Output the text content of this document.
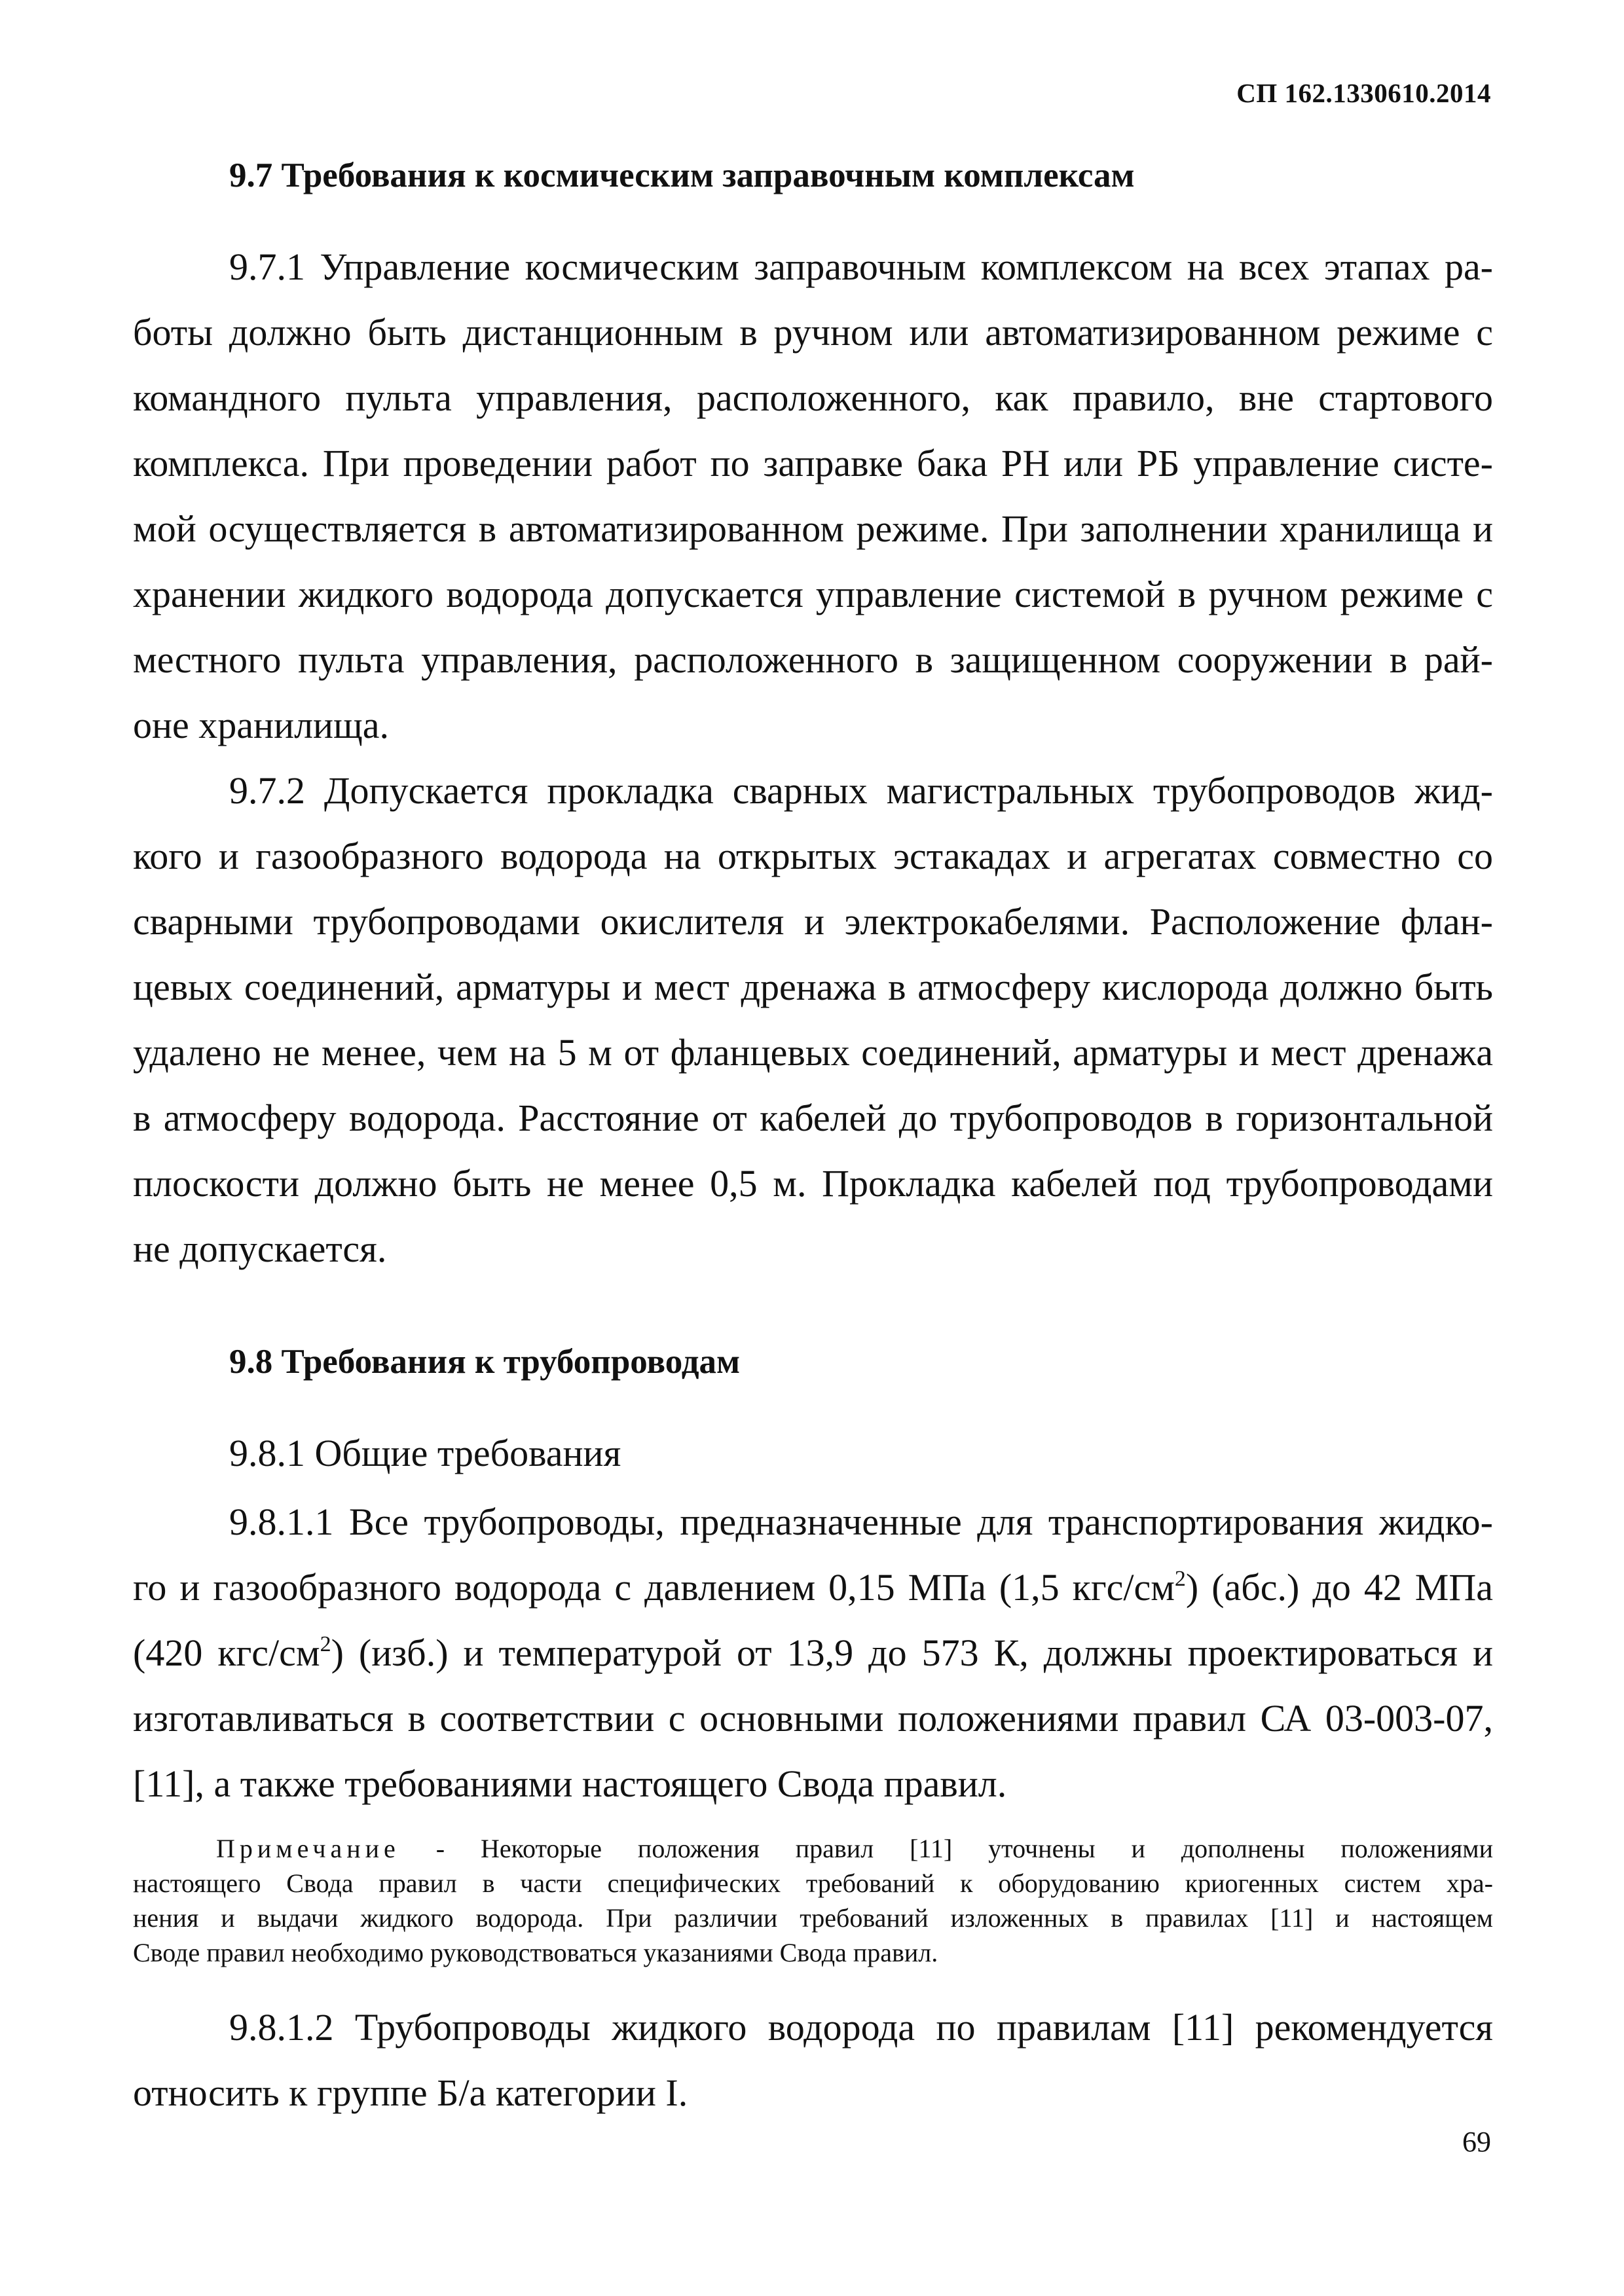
СП 162.1330610.2014
9.7 Требования к космическим заправочным комплексам
9.7.1 Управление космическим заправочным комплексом на всех этапах ра-
боты должно быть дистанционным в ручном или автоматизированном режиме с
командного пульта управления, расположенного, как правило, вне стартового
комплекса. При проведении работ по заправке бака РН или РБ управление систе-
мой осуществляется в автоматизированном режиме. При заполнении хранилища и
хранении жидкого водорода допускается управление системой в ручном режиме с
местного пульта управления, расположенного в защищенном сооружении в рай-
оне хранилища.
9.7.2 Допускается прокладка сварных магистральных трубопроводов жид-
кого и газообразного водорода на открытых эстакадах и агрегатах совместно со
сварными трубопроводами окислителя и электрокабелями. Расположение флан-
цевых соединений, арматуры и мест дренажа в атмосферу кислорода должно быть
удалено не менее, чем на 5 м от фланцевых соединений, арматуры и мест дренажа
в атмосферу водорода. Расстояние от кабелей до трубопроводов в горизонтальной
плоскости должно быть не менее 0,5 м. Прокладка кабелей под трубопроводами
не допускается.
9.8 Требования к трубопроводам
9.8.1 Общие требования
9.8.1.1 Все трубопроводы, предназначенные для транспортирования жидко-
го и газообразного водорода с давлением 0,15 МПа (1,5 кгс/$см^2$) (абс.) до 42 МПа
(420 кгс/$см^2$) (изб.) и температурой от 13,9 до 573 К, должны проектироваться и
изготавливаться в соответствии с основными положениями правил СА 03-003-07,
[11], а также требованиями настоящего Свода правил.
Примечание - Некоторые положения правил [11] уточнены и дополнены положениями
настоящего Свода правил в части специфических требований к оборудованию криогенных систем хра-
нения и выдачи жидкого водорода. При различии требований изложенных в правилах [11] и настоящем
Своде правил необходимо руководствоваться указаниями Свода правил.
9.8.1.2 Трубопроводы жидкого водорода по правилам [11] рекомендуется
относить к группе Б/а категории I.
69
